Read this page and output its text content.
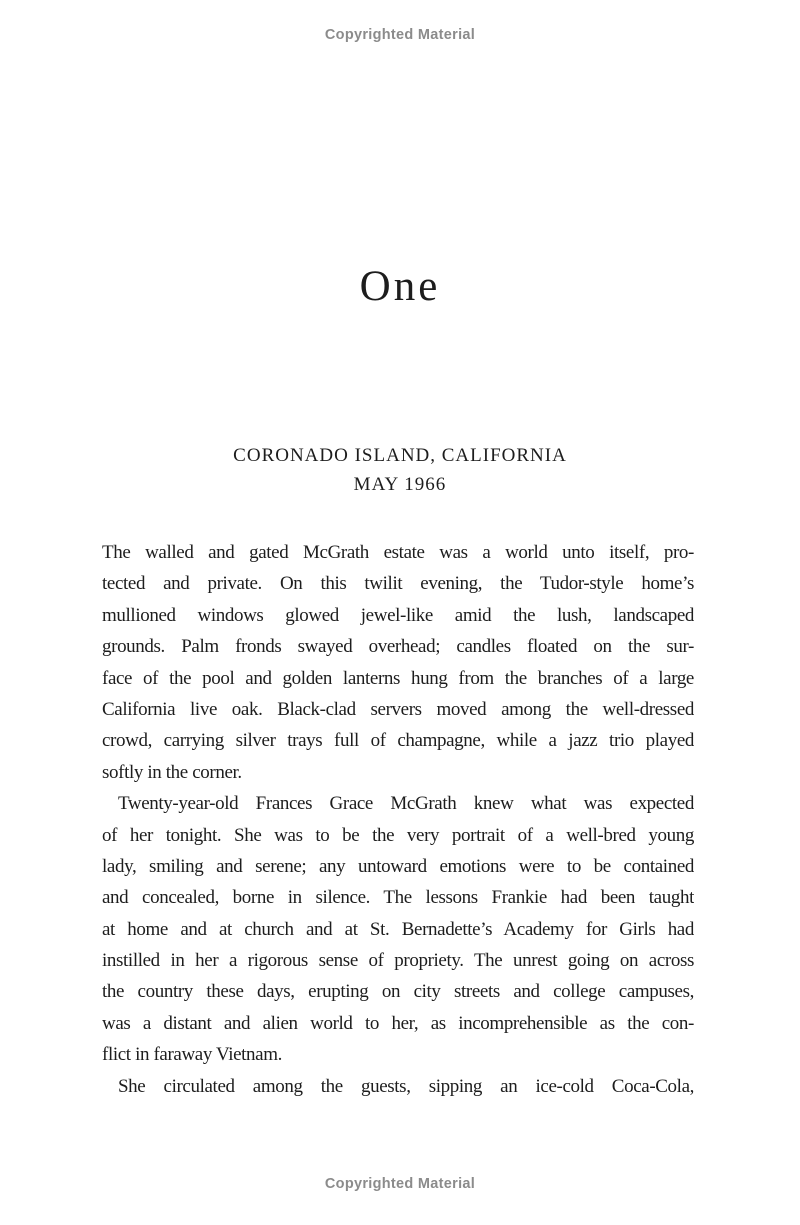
Copyrighted Material
One
CORONADO ISLAND, CALIFORNIA
MAY 1966
The walled and gated McGrath estate was a world unto itself, pro-
tected and private. On this twilit evening, the Tudor-style home’s
mullioned windows glowed jewel-like amid the lush, landscaped
grounds. Palm fronds swayed overhead; candles floated on the sur-
face of the pool and golden lanterns hung from the branches of a large
California live oak. Black-clad servers moved among the well-dressed
crowd, carrying silver trays full of champagne, while a jazz trio played
softly in the corner.
Twenty-year-old Frances Grace McGrath knew what was expected
of her tonight. She was to be the very portrait of a well-bred young
lady, smiling and serene; any untoward emotions were to be contained
and concealed, borne in silence. The lessons Frankie had been taught
at home and at church and at St. Bernadette’s Academy for Girls had
instilled in her a rigorous sense of propriety. The unrest going on across
the country these days, erupting on city streets and college campuses,
was a distant and alien world to her, as incomprehensible as the con-
flict in faraway Vietnam.
She circulated among the guests, sipping an ice-cold Coca-Cola,
Copyrighted Material
